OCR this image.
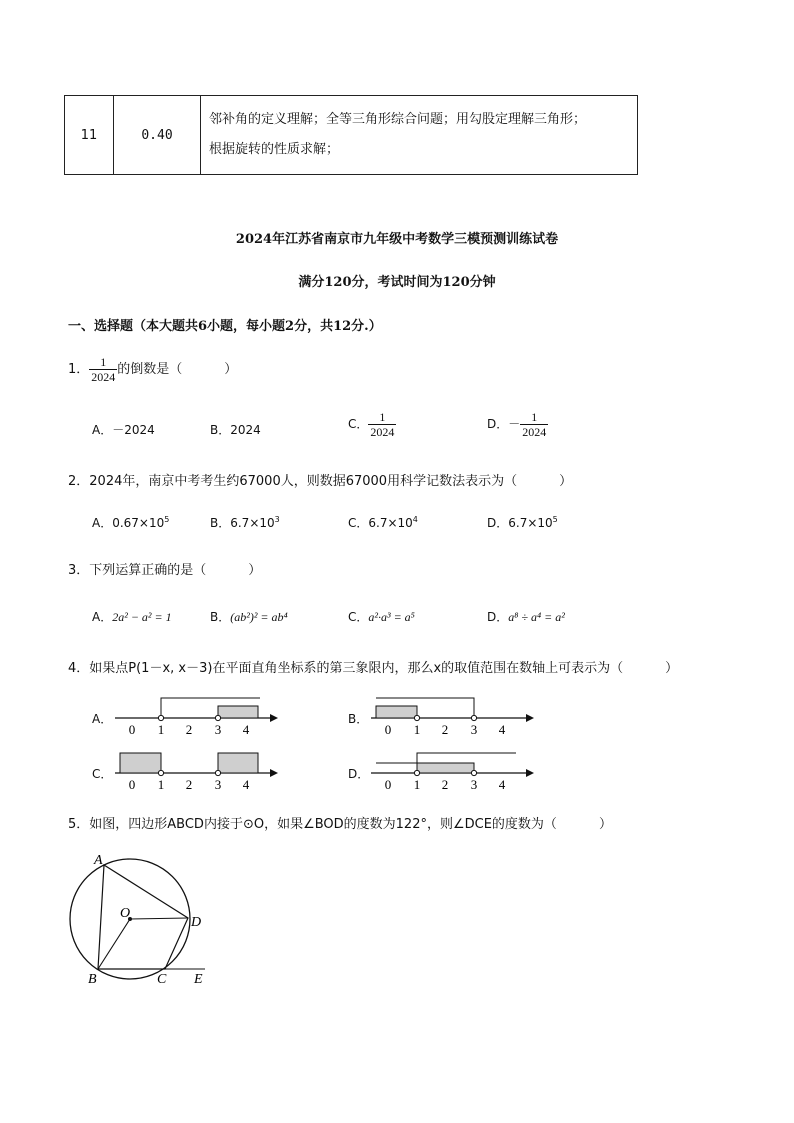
11	0.40	
邻补角的定义理解；全等三角形综合问题；用勾股定理解三角形；
根据旋转的性质求解；
2024年江苏省南京市九年级中考数学三模预测训练试卷
满分120分，考试时间为120分钟
一、选择题（本大题共6小题，每小题2分，共12分.）
1． $\frac{1}{2024}$ 的倒数是（	）
A．－2024	B．2024	C． $\frac{1}{2024}$	D．－ $\frac{1}{2024}$
2．2024年，南京中考考生约67000人，则数据67000用科学记数法表示为（	）
A．$0.67\times 10^5$	B．$6.7\times 10^3$	C．$6.7\times 10^4$	D．$6.7\times 10^5$
3．下列运算正确的是（	）
A．2a² − a² = 1	B．(ab²)² = ab⁴	C．a²·a³ = a⁵	D．a⁸ ÷ a⁴ = a²
4．如果点P(1－x, x－3)在平面直角坐标系的第三象限内，那么x的取值范围在数轴上可表示为（	）
A．
0 1 2 3 4
B．
0 1 2 3 4
C．
0 1 2 3 4
D．
0 1 2 3 4
5．如图，四边形ABCD内接于⊙O，如果∠BOD的度数为122°，则∠DCE的度数为（	）
A
O
D
B	C E
